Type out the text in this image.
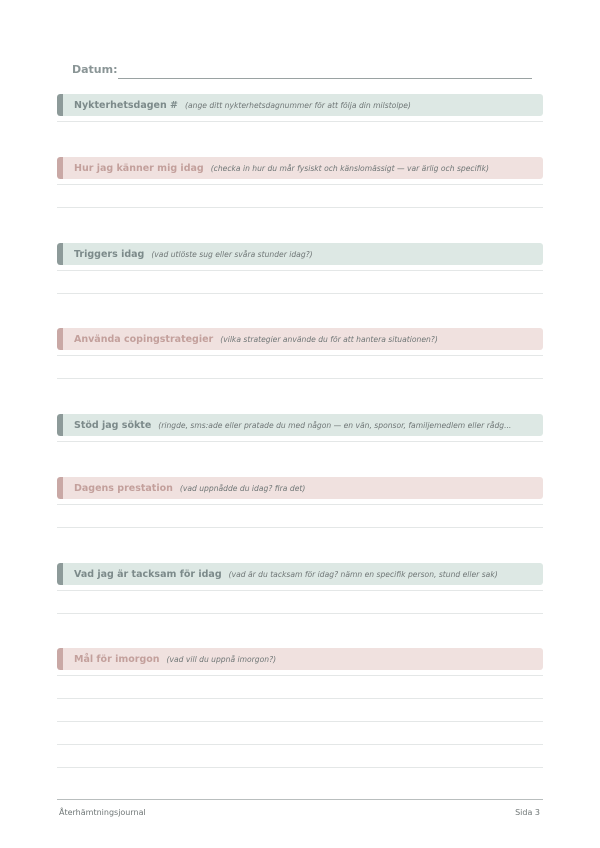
Datum:
Nykterhetsdagen # (ange ditt nykterhetsdagnummer för att följa din milstolpe)
Hur jag känner mig idag (checka in hur du mår fysiskt och känslomässigt — var ärlig och specifik)
Triggers idag (vad utlöste sug eller svåra stunder idag?)
Använda copingstrategier (vilka strategier använde du för att hantera situationen?)
Stöd jag sökte (ringde, sms:ade eller pratade du med någon — en vän, sponsor, familjemedlem eller rådg...
Dagens prestation (vad uppnådde du idag? fira det)
Vad jag är tacksam för idag (vad är du tacksam för idag? nämn en specifik person, stund eller sak)
Mål för imorgon (vad vill du uppnå imorgon?)
Återhämtningsjournal	Sida 3
